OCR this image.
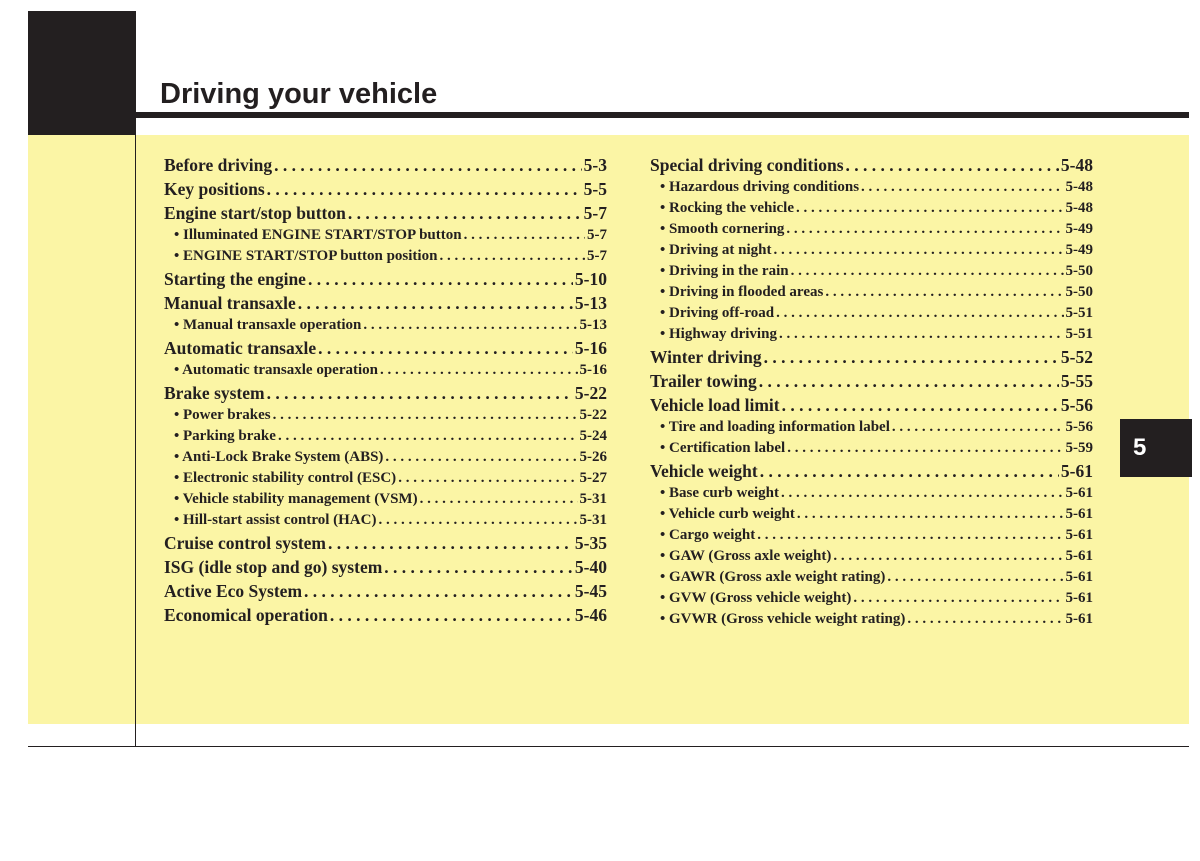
Driving your vehicle
5
Before driving . . .	5-3
Key positions . . .	5-5
Engine start/stop button . . .	5-7
• Illuminated ENGINE START/STOP button . . .	5-7
• ENGINE START/STOP button position . . .	5-7
Starting the engine . . .	5-10
Manual transaxle . . .	5-13
• Manual transaxle operation . . .	5-13
Automatic transaxle . . .	5-16
• Automatic transaxle operation . . .	5-16
Brake system . . .	5-22
• Power brakes . . .	5-22
• Parking brake . . .	5-24
• Anti-Lock Brake System (ABS) . . .	5-26
• Electronic stability control (ESC) . . .	5-27
• Vehicle stability management (VSM) . . .	5-31
• Hill-start assist control (HAC) . . .	5-31
Cruise control system . . .	5-35
ISG (idle stop and go) system . . .	5-40
Active Eco System . . .	5-45
Economical operation . . .	5-46
Special driving conditions . . .	5-48
• Hazardous driving conditions . . .	5-48
• Rocking the vehicle . . .	5-48
• Smooth cornering . . .	5-49
• Driving at night . . .	5-49
• Driving in the rain . . .	5-50
• Driving in flooded areas . . .	5-50
• Driving off-road . . .	5-51
• Highway driving . . .	5-51
Winter driving . . .	5-52
Trailer towing . . .	5-55
Vehicle load limit . . .	5-56
• Tire and loading information label . . .	5-56
• Certification label . . .	5-59
Vehicle weight . . .	5-61
• Base curb weight . . .	5-61
• Vehicle curb weight . . .	5-61
• Cargo weight . . .	5-61
• GAW (Gross axle weight) . . .	5-61
• GAWR (Gross axle weight rating) . . .	5-61
• GVW (Gross vehicle weight) . . .	5-61
• GVWR (Gross vehicle weight rating) . . .	5-61
